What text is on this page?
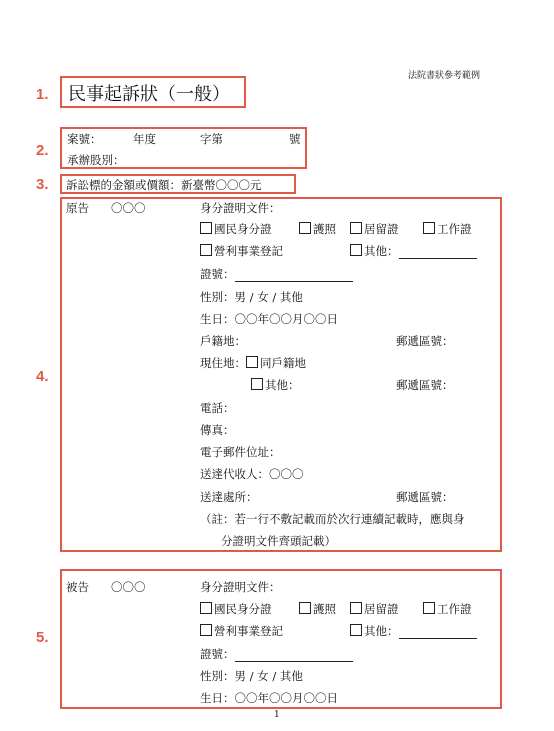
法院書狀參考範例
1.
2.
3.
4.
5.
民事起訴狀（一般）
案號：	年度	字第	號
承辦股別：
訴訟標的金額或價額：新臺幣〇〇〇元
原告 〇〇〇	身分證明文件：
國民身分證	護照	居留證	工作證
營利事業登記	其他：
證號：
性別：男 / 女 / 其他
生日：〇〇年〇〇月〇〇日
戶籍地：	郵遞區號：
現住地： 同戶籍地
其他：	郵遞區號：
電話：
傳真：
電子郵件位址：
送達代收人：〇〇〇
送達處所：	郵遞區號：
（註：若一行不敷記載而於次行連續記載時，應與身
分證明文件齊頭記載）
被告 〇〇〇	身分證明文件：
國民身分證	護照	居留證	工作證
營利事業登記	其他：
證號：
性別：男 / 女 / 其他
生日：〇〇年〇〇月〇〇日
1
